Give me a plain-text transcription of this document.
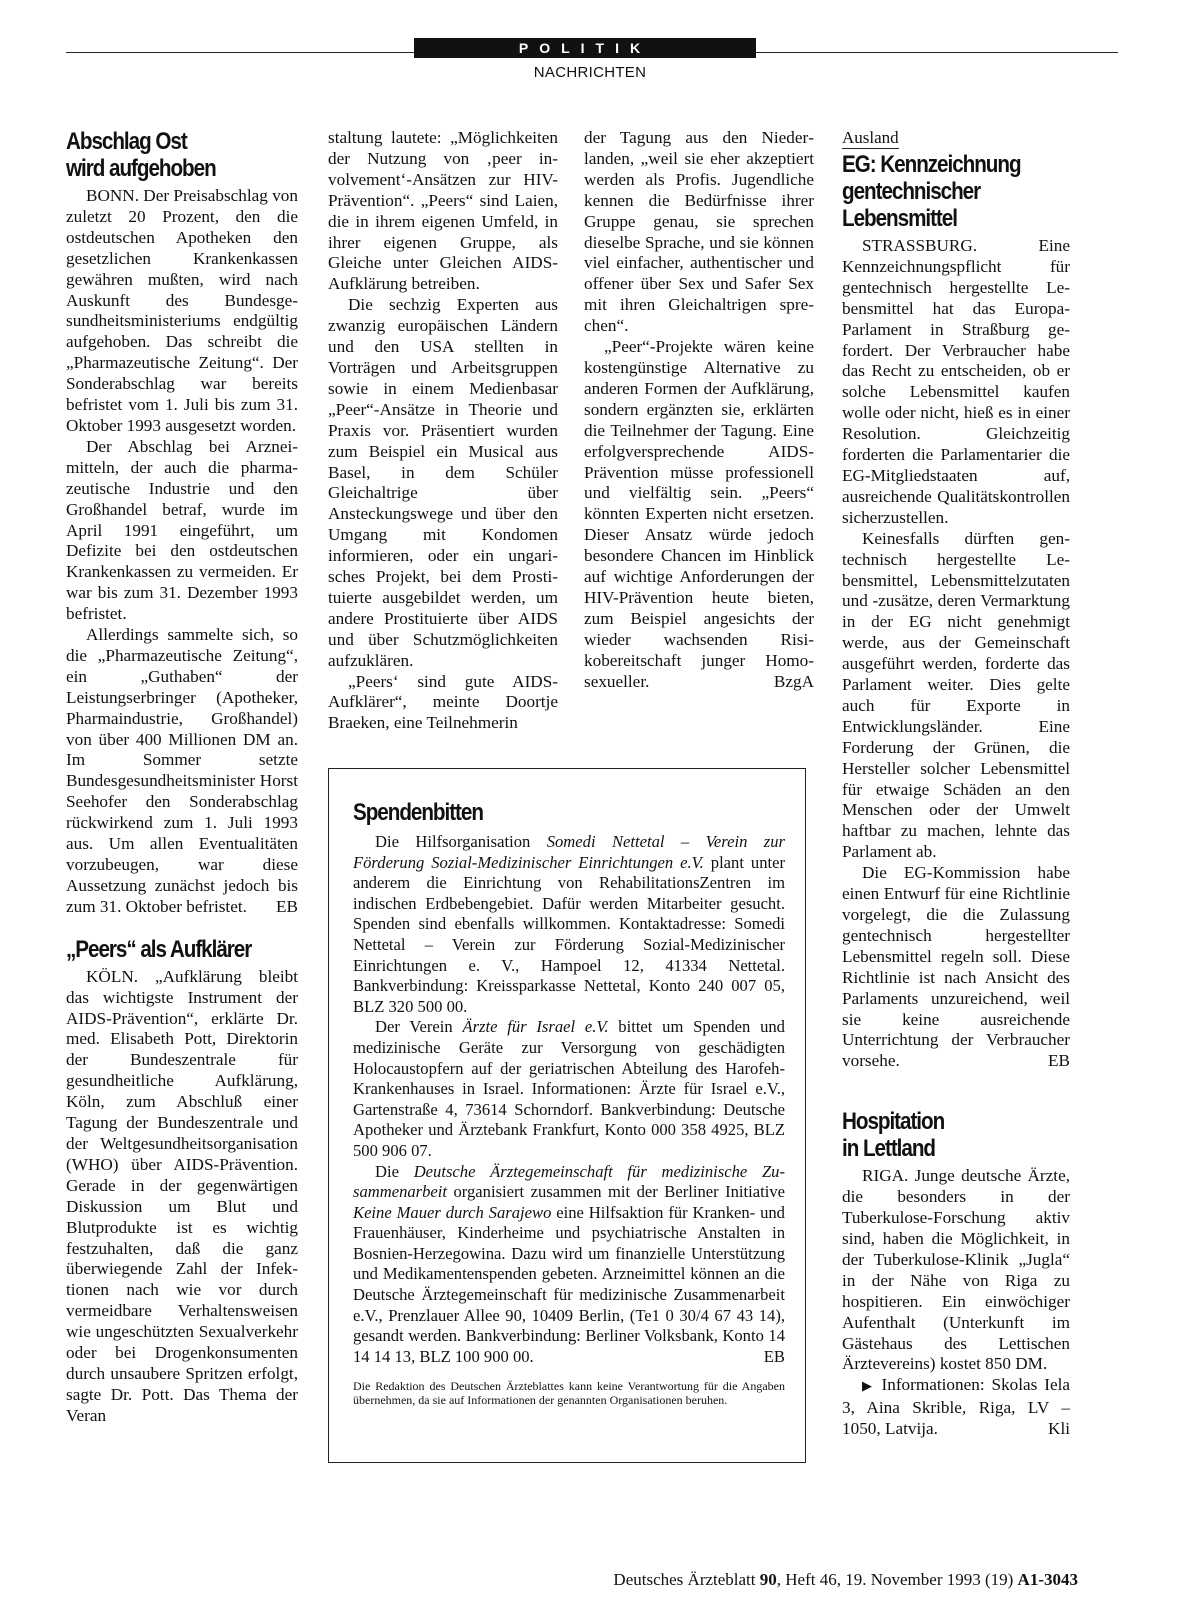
POLITIK
NACHRICHTEN
Abschlag Ost
wird aufgehoben

BONN. Der Preisabschlag von zuletzt 20 Prozent, den die ostdeutschen Apotheken den gesetzlichen Krankenkassen gewähren mußten, wird nach Auskunft des Bundesgesundheitsministeriums endgültig aufgehoben. Das schreibt die „Pharmazeutische Zeitung“. Der Sonderabschlag war bereits befristet vom 1. Juli bis zum 31. Oktober 1993 ausgesetzt worden.

Der Abschlag bei Arzneimitteln, der auch die pharmazeutische Industrie und den Großhandel betraf, wurde im April 1991 eingeführt, um Defizite bei den ostdeutschen Krankenkassen zu vermeiden. Er war bis zum 31. Dezember 1993 befristet.

Allerdings sammelte sich, so die „Pharmazeutische Zeitung“, ein „Guthaben“ der Leistungserbringer (Apotheker, Pharmaindustrie, Großhandel) von über 400 Millionen DM an. Im Sommer setzte Bundesgesundheitsminister Horst Seehofer den Sonderabschlag rückwirkend zum 1. Juli 1993 aus. Um allen Eventualitäten vorzubeugen, war diese Aussetzung zunächst jedoch bis zum 31. Oktober befristet.	EB

„Peers“ als Aufklärer

KÖLN. „Aufklärung bleibt das wichtigste Instrument der AIDS-Prävention“, erklärte Dr. med. Elisabeth Pott, Direktorin der Bundeszentrale für gesundheitliche Aufklärung, Köln, zum Abschluß einer Tagung der Bundeszentrale und der Weltgesundheitsorganisation (WHO) über AIDS-Prävention. Gerade in der gegenwärtigen Diskussion um Blut und Blutprodukte ist es wichtig festzuhalten, daß die ganz überwiegende Zahl der Infektionen nach wie vor durch vermeidbare Verhaltensweisen wie ungeschützten Sexualverkehr oder bei Drogenkonsumenten durch unsaubere Spritzen erfolgt, sagte Dr. Pott. Das Thema der Veran

staltung lautete: „Möglichkeiten der Nutzung von ‚peer involvement‘-Ansätzen zur HIV-Prävention“. „Peers“ sind Laien, die in ihrem eigenen Umfeld, in ihrer eigenen Gruppe, als Gleiche unter Gleichen AIDS-Aufklärung betreiben.

Die sechzig Experten aus zwanzig europäischen Ländern und den USA stellten in Vorträgen und Arbeitsgruppen sowie in einem Medienbasar „Peer“-Ansätze in Theorie und Praxis vor. Präsentiert wurden zum Beispiel ein Musical aus Basel, in dem Schüler Gleichaltrige über Ansteckungswege und über den Umgang mit Kondomen informieren, oder ein ungarisches Projekt, bei dem Prostituierte ausgebildet werden, um andere Prostituierte über AIDS und über Schutzmöglichkeiten aufzuklären.

„Peers‘ sind gute AIDS-Aufklärer“, meinte Doortje Braeken, eine Teilnehmerin

der Tagung aus den Niederlanden, „weil sie eher akzeptiert werden als Profis. Jugendliche kennen die Bedürfnisse ihrer Gruppe genau, sie sprechen dieselbe Sprache, und sie können viel einfacher, authentischer und offener über Sex und Safer Sex mit ihren Gleichaltrigen sprechen“.

„Peer“-Projekte wären keine kostengünstige Alternative zu anderen Formen der Aufklärung, sondern ergänzten sie, erklärten die Teilnehmer der Tagung. Eine erfolgversprechende AIDS-Prävention müsse professionell und vielfältig sein. „Peers“ könnten Experten nicht ersetzen. Dieser Ansatz würde jedoch besondere Chancen im Hinblick auf wichtige Anforderungen der HIV-Prävention heute bieten, zum Beispiel angesichts der wieder wachsenden Risikobereitschaft junger Homosexueller.	BzgA

Ausland
EG: Kennzeichnung
gentechnischer
Lebensmittel

STRASSBURG. Eine Kennzeichnungspflicht für gentechnisch hergestellte Lebensmittel hat das EuropaParlament in Straßburg gefordert. Der Verbraucher habe das Recht zu entscheiden, ob er solche Lebensmittel kaufen wolle oder nicht, hieß es in einer Resolution. Gleichzeitig forderten die Parlamentarier die EG-Mitgliedstaaten auf, ausreichende Qualitätskontrollen sicherzustellen.

Keinesfalls dürften gentechnisch hergestellte Lebensmittel, Lebensmittelzutaten und -zusätze, deren Vermarktung in der EG nicht genehmigt werde, aus der Gemeinschaft ausgeführt werden, forderte das Parlament weiter. Dies gelte auch für Exporte in Entwicklungsländer. Eine Forderung der Grünen, die Hersteller solcher Lebensmittel für etwaige Schäden an den Menschen oder der Umwelt haftbar zu machen, lehnte das Parlament ab.

Die EG-Kommission habe einen Entwurf für eine Richtlinie vorgelegt, die die Zulassung gentechnisch hergestellter Lebensmittel regeln soll. Diese Richtlinie ist nach Ansicht des Parlaments unzureichend, weil sie keine ausreichende Unterrichtung der Verbraucher vorsehe.	EB

Hospitation
in Lettland

RIGA. Junge deutsche Ärzte, die besonders in der Tuberkulose-Forschung aktiv sind, haben die Möglichkeit, in der Tuberkulose-Klinik „Jugla“ in der Nähe von Riga zu hospitieren. Ein einwöchiger Aufenthalt (Unterkunft im Gästehaus des Lettischen Ärztevereins) kostet 850 DM.

▶ Informationen: Skolas Iela 3, Aina Skrible, Riga, LV – 1050, Latvija.	Kli

Spendenbitten

Die Hilfsorganisation Somedi Nettetal – Verein zur Förderung Sozial-Medizinischer Einrichtungen e.V. plant unter anderem die Einrichtung von RehabilitationsZentren im indischen Erdbebengebiet. Dafür werden Mitarbeiter gesucht. Spenden sind ebenfalls willkommen. Kontaktadresse: Somedi Nettetal – Verein zur Förderung Sozial-Medizinischer Einrichtungen e. V., Hampoel 12, 41334 Nettetal. Bankverbindung: Kreissparkasse Nettetal, Konto 240 007 05, BLZ 320 500 00.

Der Verein Ärzte für Israel e.V. bittet um Spenden und medizinische Geräte zur Versorgung von geschädigten Holocaustopfern auf der geriatrischen Abteilung des Harofeh-Krankenhauses in Israel. Informationen: Ärzte für Israel e.V., Gartenstraße 4, 73614 Schorndorf. Bankverbindung: Deutsche Apotheker und Ärztebank Frankfurt, Konto 000 358 4925, BLZ 500 906 07.

Die Deutsche Ärztegemeinschaft für medizinische Zusammenarbeit organisiert zusammen mit der Berliner Initiative Keine Mauer durch Sarajewo eine Hilfsaktion für Kranken- und Frauenhäuser, Kinderheime und psychiatrische Anstalten in Bosnien-Herzegowina. Dazu wird um finanzielle Unterstützung und Medikamentenspenden gebeten. Arzneimittel können an die Deutsche Ärztegemeinschaft für medizinische Zusammenarbeit e.V., Prenzlauer Allee 90, 10409 Berlin, (Te1 0 30/4 67 43 14), gesandt werden. Bankverbindung: Berliner Volksbank, Konto 14 14 14 13, BLZ 100 900 00.	EB

Die Redaktion des Deutschen Ärzteblattes kann keine Verantwortung für die Angaben übernehmen, da sie auf Informationen der genannten Organisationen beruhen.

Deutsches Ärzteblatt 90, Heft 46, 19. November 1993 (19) A1-3043
